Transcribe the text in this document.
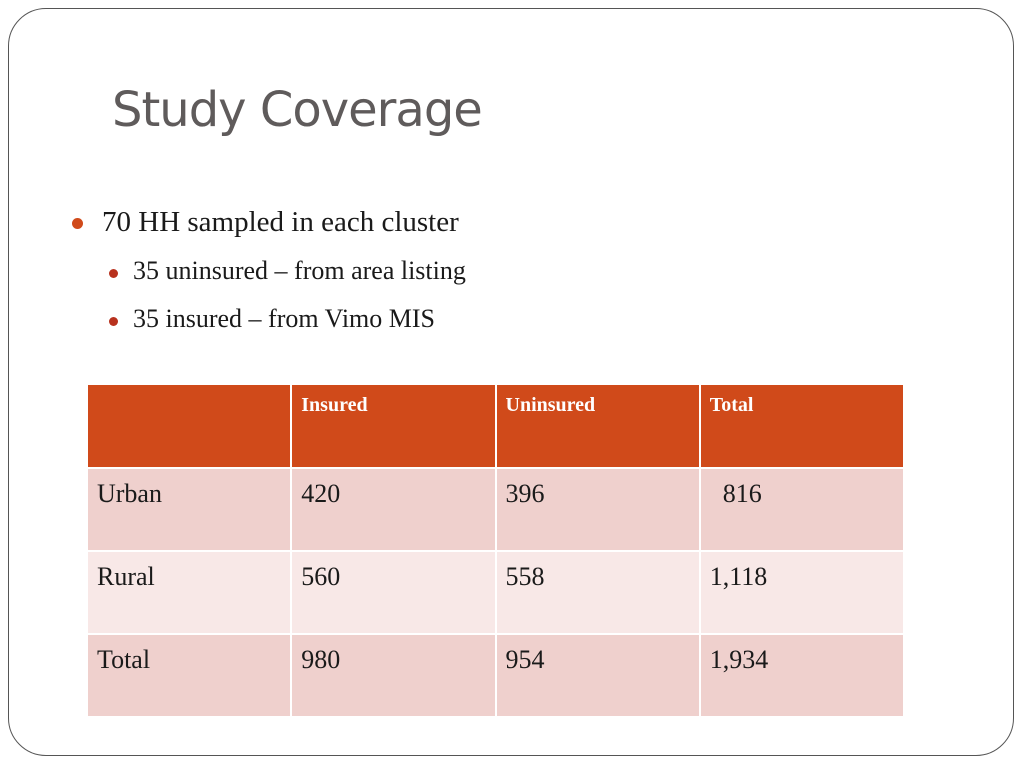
Study Coverage
70 HH sampled in each cluster
35 uninsured – from area listing
35 insured – from Vimo MIS
	Insured	Uninsured	Total
Urban	420	396	816
Rural	560	558	1,118
Total	980	954	1,934
